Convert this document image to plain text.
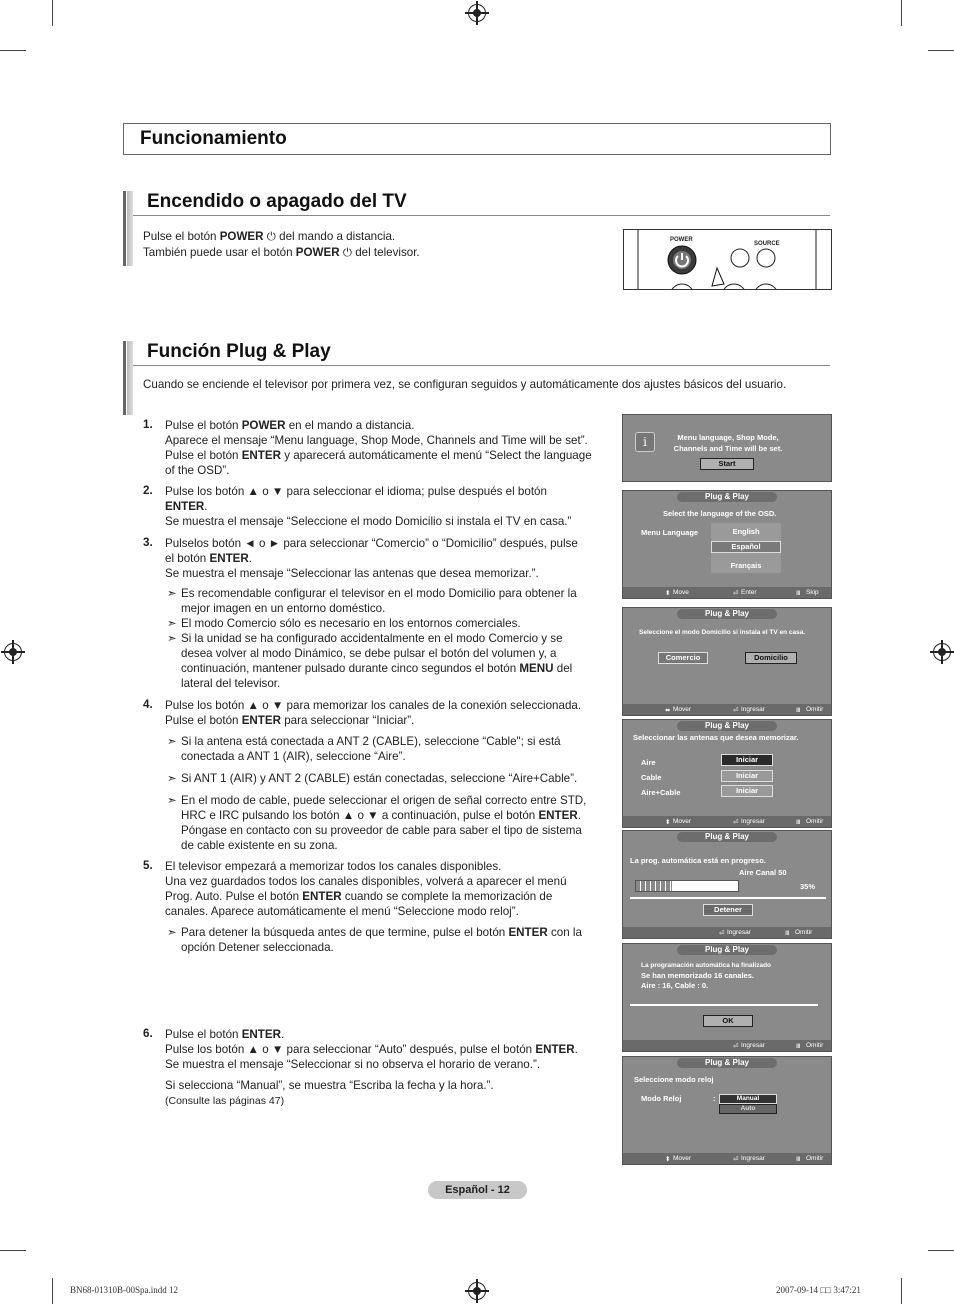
Funcionamiento
Encendido o apagado del TV
Pulse el botón POWER ⏻ del mando a distancia.
También puede usar el botón POWER ⏻ del televisor.
POWER
SOURCE
Función Plug & Play
Cuando se enciende el televisor por primera vez, se configuran seguidos y automáticamente dos ajustes básicos del usuario.
1. Pulse el botón POWER en el mando a distancia.
Aparece el mensaje “Menu language, Shop Mode, Channels and Time will be set”.
Pulse el botón ENTER y aparecerá automáticamente el menú “Select the language
of the OSD”.
2. Pulse los botón ▲ o ▼ para seleccionar el idioma; pulse después el botón
ENTER.
Se muestra el mensaje “Seleccione el modo Domicilio si instala el TV en casa.”
3. Pulselos botón ◄ o ► para seleccionar “Comercio” o “Domicilio” después, pulse
el botón ENTER.
Se muestra el mensaje “Seleccionar las antenas que desea memorizar.”.
➣ Es recomendable configurar el televisor en el modo Domicilio para obtener la
mejor imagen en un entorno doméstico.
➣ El modo Comercio sólo es necesario en los entornos comerciales.
➣ Si la unidad se ha configurado accidentalmente en el modo Comercio y se
desea volver al modo Dinámico, se debe pulsar el botón del volumen y, a
continuación, mantener pulsado durante cinco segundos el botón MENU del
lateral del televisor.
4. Pulse los botón ▲ o ▼ para memorizar los canales de la conexión seleccionada.
Pulse el botón ENTER para seleccionar “Iniciar”.
➣ Si la antena está conectada a ANT 2 (CABLE), seleccione “Cable"; si está
conectada a ANT 1 (AIR), seleccione “Aire”.
➣ Si ANT 1 (AIR) y ANT 2 (CABLE) están conectadas, seleccione “Aire+Cable”.
➣ En el modo de cable, puede seleccionar el origen de señal correcto entre STD,
HRC e IRC pulsando los botón ▲ o ▼ a continuación, pulse el botón ENTER.
Póngase en contacto con su proveedor de cable para saber el tipo de sistema
de cable existente en su zona.
5. El televisor empezará a memorizar todos los canales disponibles.
Una vez guardados todos los canales disponibles, volverá a aparecer el menú
Prog. Auto. Pulse el botón ENTER cuando se complete la memorización de
canales. Aparece automáticamente el menú “Seleccione modo reloj”.
➣ Para detener la búsqueda antes de que termine, pulse el botón ENTER con la
opción Detener seleccionada.
6. Pulse el botón ENTER.
Pulse los botón ▲ o ▼ para seleccionar “Auto” después, pulse el botón ENTER.
Se muestra el mensaje “Seleccionar si no observa el horario de verano.”.
Si selecciona “Manual”, se muestra “Escriba la fecha y la hora.”.
(Consulte las páginas 47)
i	Menu language, Shop Mode,
Channels and Time will be set.
Start
Plug & Play
Select the language of the OSD.
Menu Language	English
Español
Français
⬍ Move	⏎ Enter	Ⅲ Skip
Plug & Play
Seleccione el modo Domicilio si instala el TV en casa.
Comercio	Domicilio
⬌ Mover	⏎ Ingresar	Ⅲ Omitir
Plug & Play
Seleccionar las antenas que desea memorizar.
Aire
Cable
Aire+Cable
Iniciar
Iniciar
Iniciar
⬍ Mover	⏎ Ingresar	Ⅲ Omitir
Plug & Play
La prog. automática está en progreso.
Aire Canal 50
35%
Detener
⏎ Ingresar	Ⅲ Omitir
Plug & Play
La programación automática ha finalizado
Se han memorizado 16 canales.
Aire : 16, Cable : 0.
OK
⏎ Ingresar	Ⅲ Omitir
Plug & Play
Seleccione modo reloj
Modo Reloj	:	Manual
Auto
⬍ Mover	⏎ Ingresar	Ⅲ Omitir
Español - 12
BN68-01310B-00Spa.indd 12	2007-09-14 □□ 3:47:21
